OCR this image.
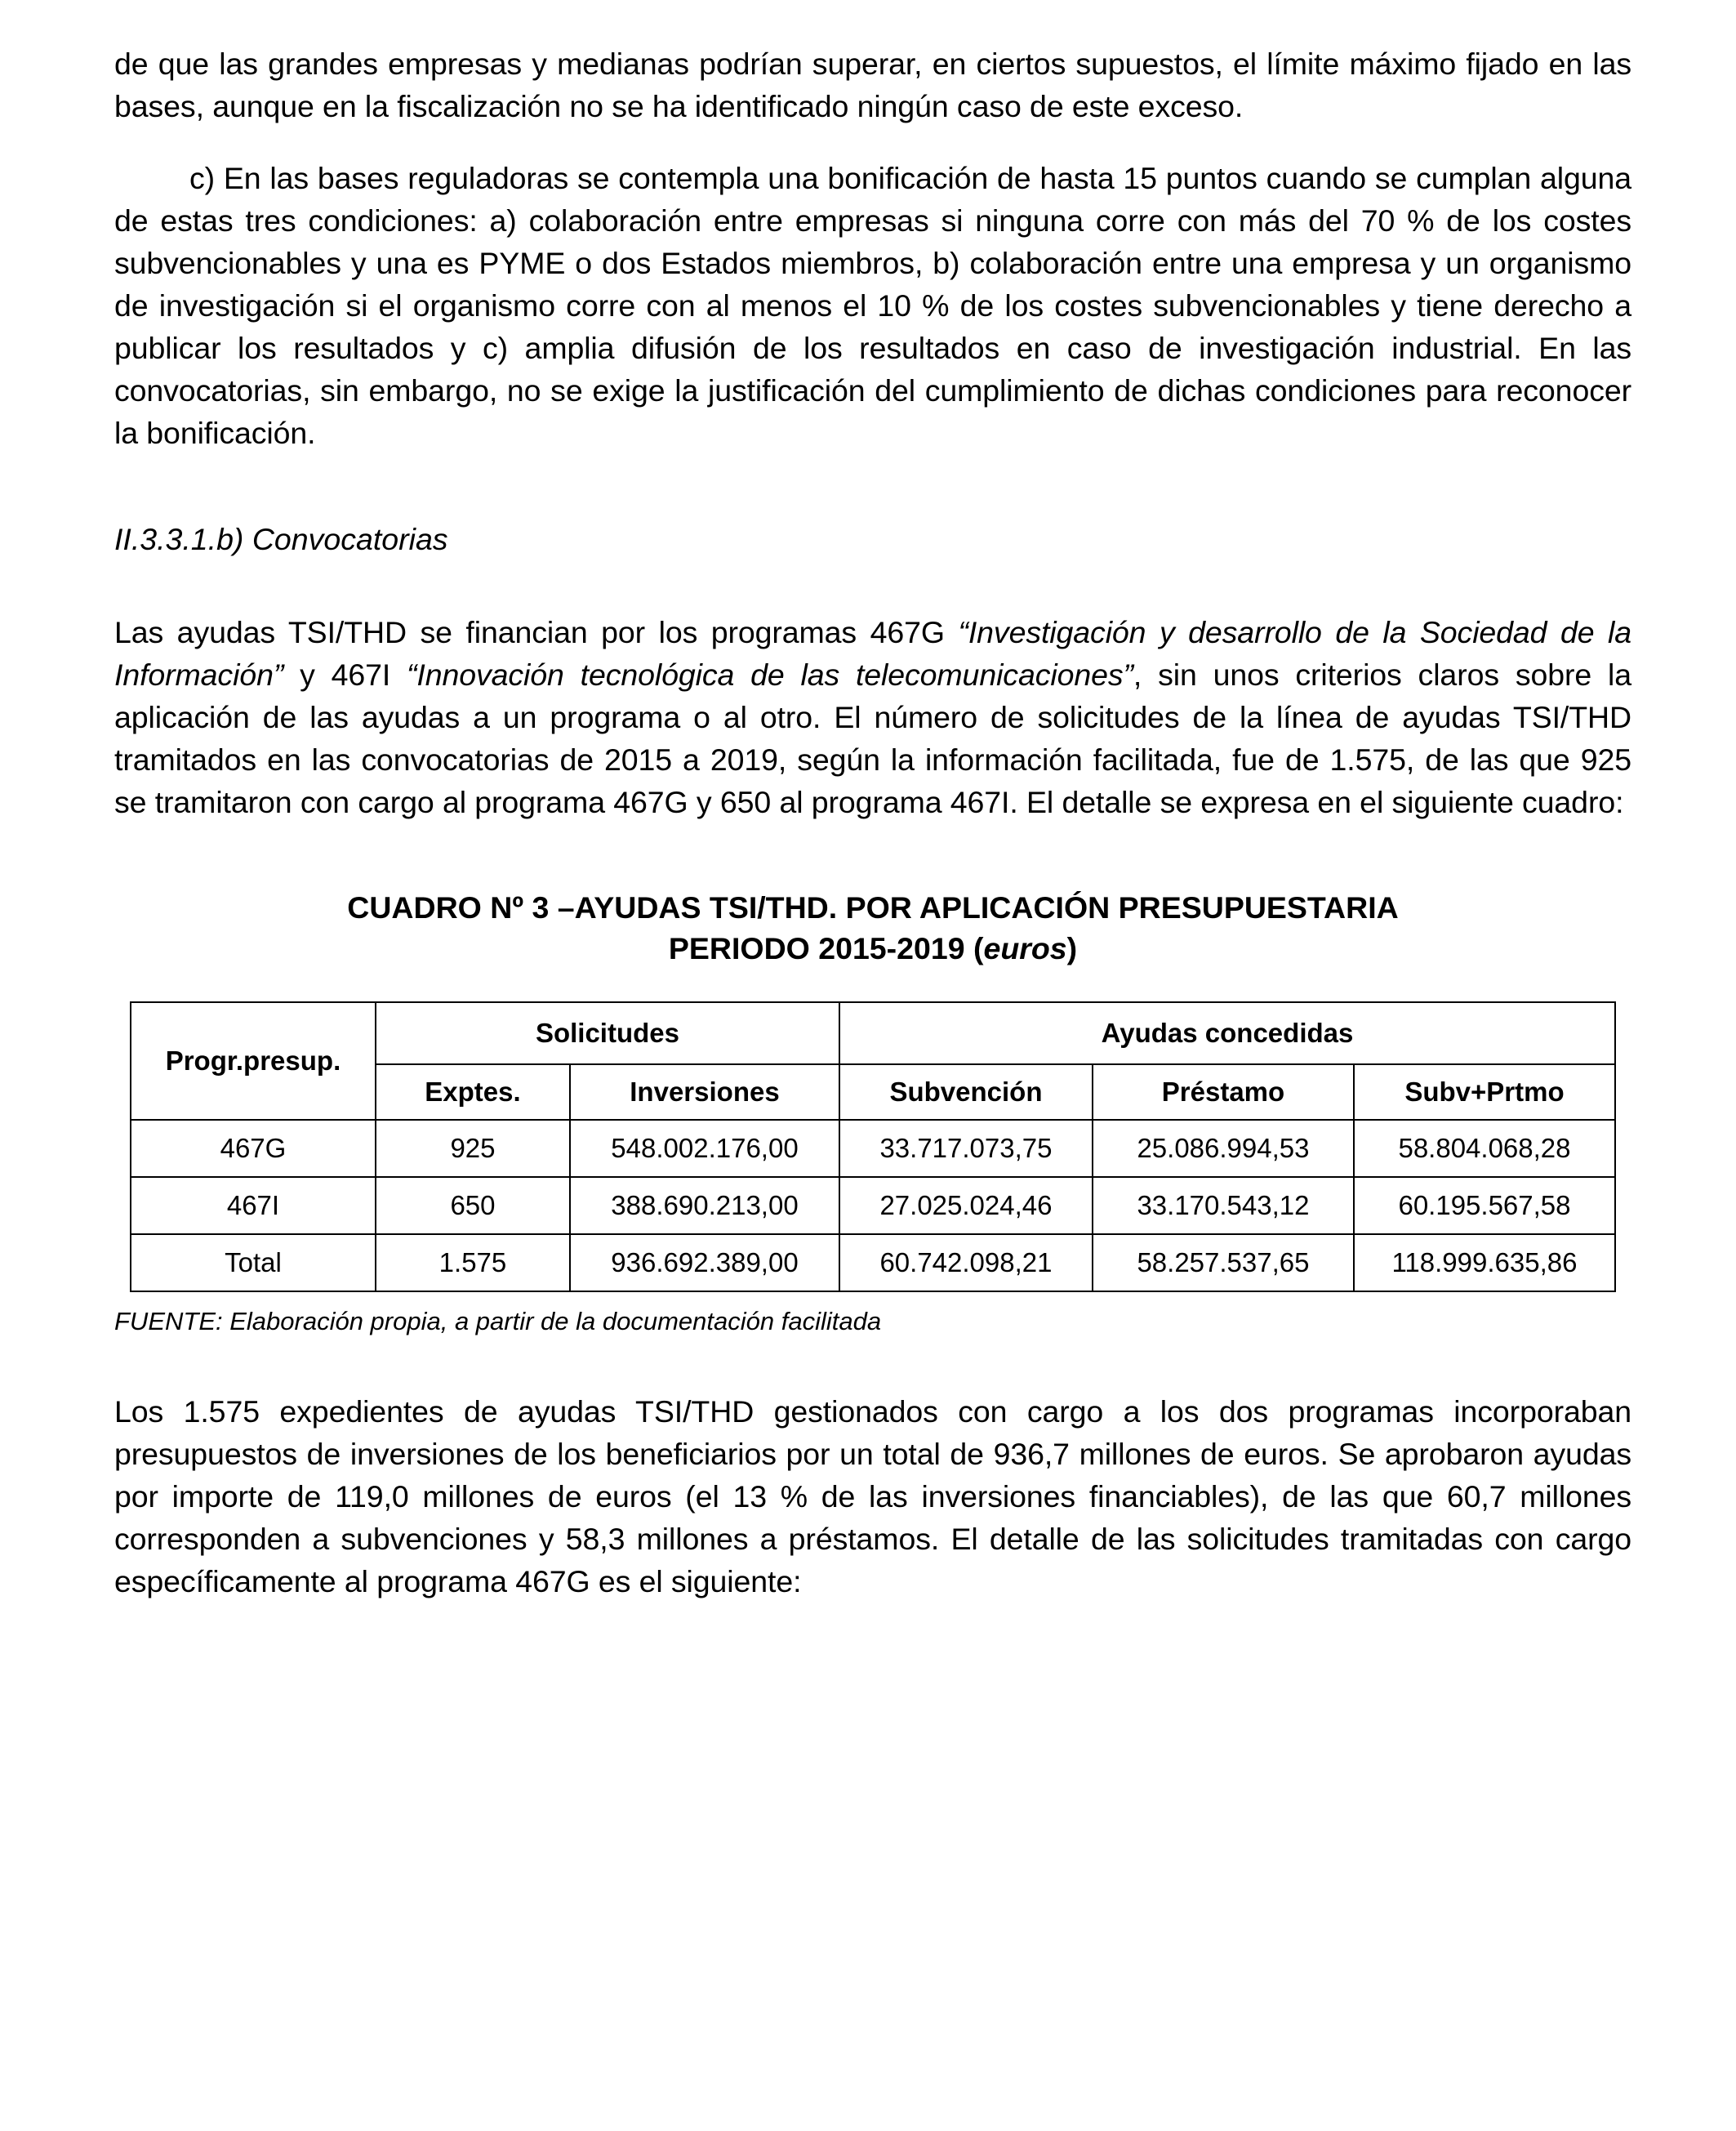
de que las grandes empresas y medianas podrían superar, en ciertos supuestos, el límite máximo fijado en las bases, aunque en la fiscalización no se ha identificado ningún caso de este exceso.

c) En las bases reguladoras se contempla una bonificación de hasta 15 puntos cuando se cumplan alguna de estas tres condiciones: a) colaboración entre empresas si ninguna corre con más del 70 % de los costes subvencionables y una es PYME o dos Estados miembros, b) colaboración entre una empresa y un organismo de investigación si el organismo corre con al menos el 10 % de los costes subvencionables y tiene derecho a publicar los resultados y c) amplia difusión de los resultados en caso de investigación industrial. En las convocatorias, sin embargo, no se exige la justificación del cumplimiento de dichas condiciones para reconocer la bonificación.

II.3.3.1.b) Convocatorias

Las ayudas TSI/THD se financian por los programas 467G “Investigación y desarrollo de la Sociedad de la Información” y 467I “Innovación tecnológica de las telecomunicaciones”, sin unos criterios claros sobre la aplicación de las ayudas a un programa o al otro. El número de solicitudes de la línea de ayudas TSI/THD tramitados en las convocatorias de 2015 a 2019, según la información facilitada, fue de 1.575, de las que 925 se tramitaron con cargo al programa 467G y 650 al programa 467I. El detalle se expresa en el siguiente cuadro:

CUADRO Nº 3 –AYUDAS TSI/THD. POR APLICACIÓN PRESUPUESTARIA

PERIODO 2015-2019 (euros)

Progr.presup.	Solicitudes		Ayudas concedidas		
	Exptes.	Inversiones	Subvención	Préstamo	Subv+Prtmo
467G	925	548.002.176,00	33.717.073,75	25.086.994,53	58.804.068,28
467I	650	388.690.213,00	27.025.024,46	33.170.543,12	60.195.567,58
Total	1.575	936.692.389,00	60.742.098,21	58.257.537,65	118.999.635,86

FUENTE: Elaboración propia, a partir de la documentación facilitada

Los 1.575 expedientes de ayudas TSI/THD gestionados con cargo a los dos programas incorporaban presupuestos de inversiones de los beneficiarios por un total de 936,7 millones de euros. Se aprobaron ayudas por importe de 119,0 millones de euros (el 13 % de las inversiones financiables), de las que 60,7 millones corresponden a subvenciones y 58,3 millones a préstamos. El detalle de las solicitudes tramitadas con cargo específicamente al programa 467G es el siguiente:
